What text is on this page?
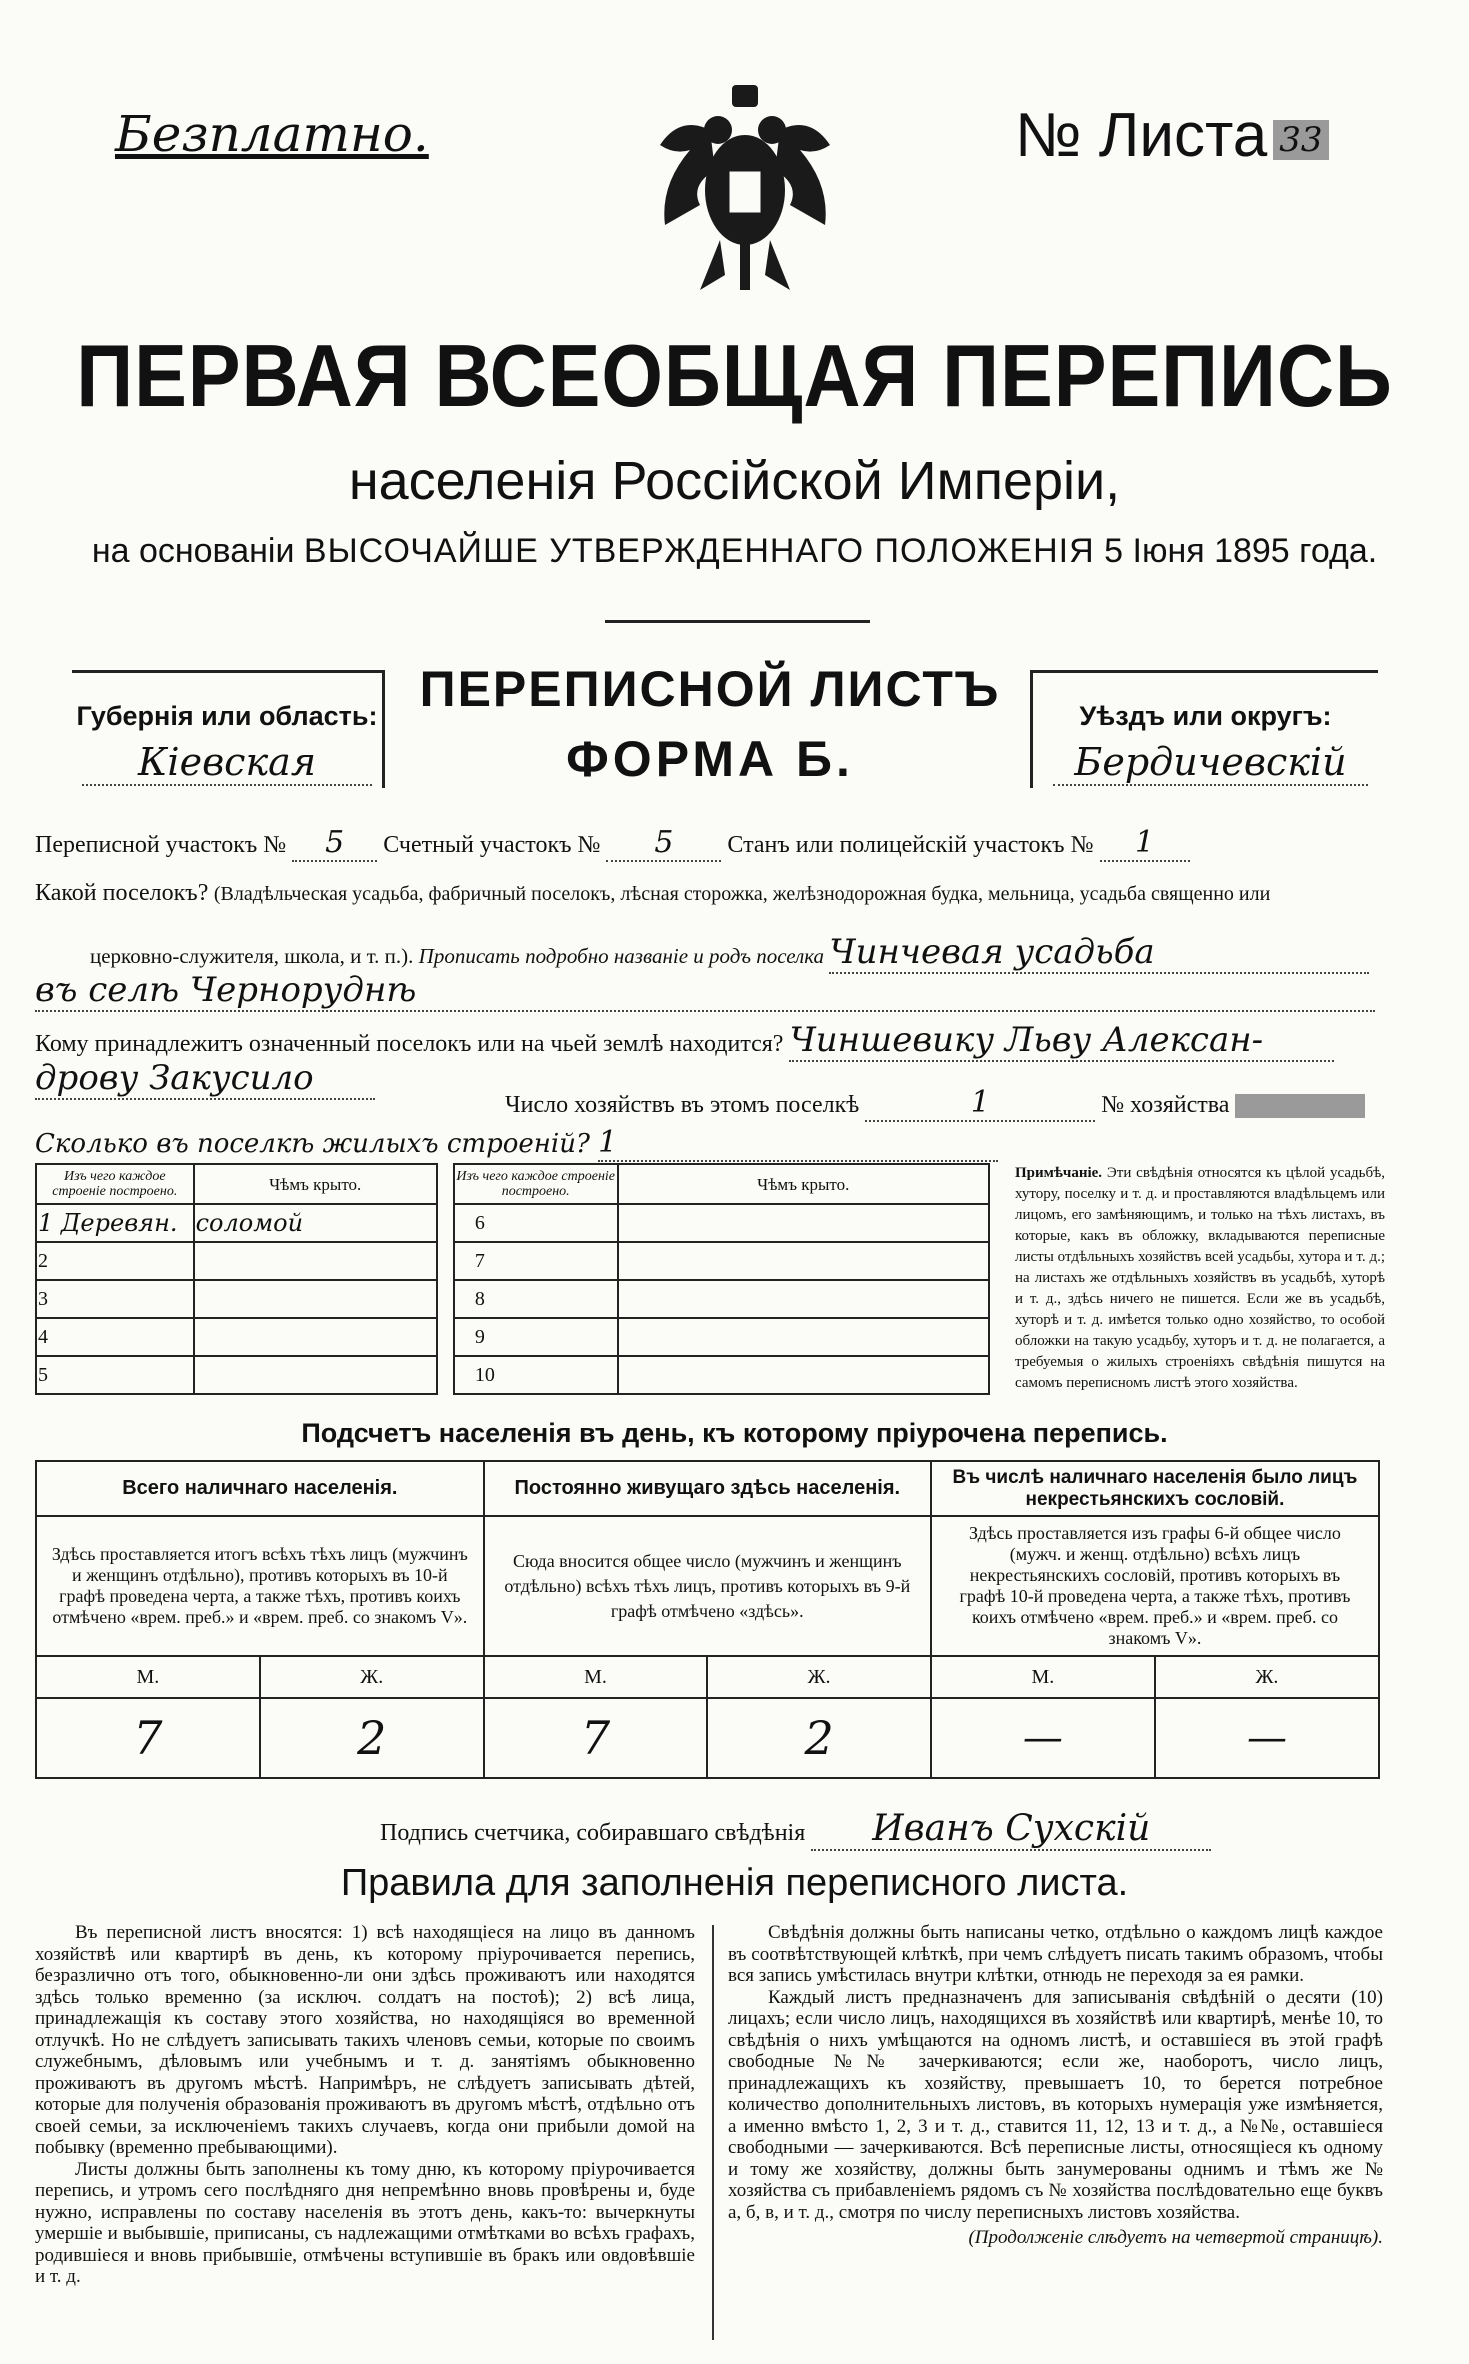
Безплатно.	№ Листа 33
ПЕРВАЯ ВСЕОБЩАЯ ПЕРЕПИСЬ
населенія Россійской Имперіи,
на основаніи ВЫСОЧАЙШЕ УТВЕРЖДЕННАГО ПОЛОЖЕНІЯ 5 Іюня 1895 года.
Губернія или область:
Кіевская
ПЕРЕПИСНОЙ ЛИСТЪ
ФОРМА Б.
Уѣздъ или округъ:
Бердичевскій
Переписной участокъ № 5 Счетный участокъ № 5 Станъ или полицейскій участокъ № 1
Какой поселокъ? (Владѣльческая усадьба, фабричный поселокъ, лѣсная сторожка, желѣзнодорожная будка, мельница, усадьба священно или
церковно-служителя, школа, и т. п.). Прописать подробно названіе и родъ поселка Чинчевая усадьба
въ селѣ Черноруднѣ
Кому принадлежитъ означенный поселокъ или на чьей землѣ находится? Чиншевику Льву Алексан-
дрову Закусило
Число хозяйствъ въ этомъ поселкѣ	1	№ хозяйства
Сколько въ поселкѣ жилыхъ строеній? 1
Изъ чего каждое строеніе построено.	Чѣмъ крыто.		Изъ чего каждое строеніе построено.	Чѣмъ крыто.
1 Деревян.	соломой		6	
2			7	
3			8	
4			9	
5			10	
Примѣчаніе. Эти свѣдѣнія относятся къ цѣлой усадьбѣ, хутору, поселку и т. д. и проставляются владѣльцемъ или лицомъ, его замѣняющимъ, и только на тѣхъ листахъ, въ которые, какъ въ обложку, вкладываются переписные листы отдѣльныхъ хозяйствъ всей усадьбы, хутора и т. д.; на листахъ же отдѣльныхъ хозяйствъ въ усадьбѣ, хуторѣ и т. д., здѣсь ничего не пишется. Если же въ усадьбѣ, хуторѣ и т. д. имѣется только одно хозяйство, то особой обложки на такую усадьбу, хуторъ и т. д. не полагается, а требуемыя о жилыхъ строеніяхъ свѣдѣнія пишутся на самомъ переписномъ листѣ этого хозяйства.
Подсчетъ населенія въ день, къ которому пріурочена перепись.
Всего наличнаго населенія.		Постоянно живущаго здѣсь населенія.		Въ числѣ наличнаго населенія было лицъ некрестьянскихъ сословій.	
Здѣсь проставляется итогъ всѣхъ тѣхъ лицъ (мужчинъ и женщинъ отдѣльно), противъ которыхъ въ 10-й графѣ проведена черта, а также тѣхъ, противъ коихъ отмѣчено «врем. преб.» и «врем. преб. со знакомъ V».		Сюда вносится общее число (мужчинъ и женщинъ отдѣльно) всѣхъ тѣхъ лицъ, противъ которыхъ въ 9-й графѣ отмѣчено «здѣсь».		Здѣсь проставляется изъ графы 6-й общее число (мужч. и женщ. отдѣльно) всѣхъ лицъ некрестьянскихъ сословій, противъ которыхъ въ графѣ 10-й проведена черта, а также тѣхъ, противъ коихъ отмѣчено «врем. преб.» и «врем. преб. со знакомъ V».	
М.	Ж.	М.	Ж.	М.	Ж.
7	2	7	2	—	—
Подпись счетчика, собиравшаго свѣдѣнія Иванъ Сухскій
Правила для заполненія переписного листа.

Въ переписной листъ вносятся: 1) всѣ находящіеся на лицо въ данномъ хозяйствѣ или квартирѣ въ день, къ которому пріурочивается перепись, безразлично отъ того, обыкновенно-ли они здѣсь проживаютъ или находятся здѣсь только временно (за исключ. солдатъ на постоѣ); 2) всѣ лица, принадлежащія къ составу этого хозяйства, но находящіяся во временной отлучкѣ. Но не слѣдуетъ записывать такихъ членовъ семьи, которые по своимъ служебнымъ, дѣловымъ или учебнымъ и т. д. занятіямъ обыкновенно проживаютъ въ другомъ мѣстѣ. Напримѣръ, не слѣдуетъ записывать дѣтей, которые для полученія образованія проживаютъ въ другомъ мѣстѣ, отдѣльно отъ своей семьи, за исключеніемъ такихъ случаевъ, когда они прибыли домой на побывку (временно пребывающими).

Листы должны быть заполнены къ тому дню, къ которому пріурочивается перепись, и утромъ сего послѣдняго дня непремѣнно вновь провѣрены и, буде нужно, исправлены по составу населенія въ этотъ день, какъ-то: вычеркнуты умершіе и выбывшіе, приписаны, съ надлежащими отмѣтками во всѣхъ графахъ, родившіеся и вновь прибывшіе, отмѣчены вступившіе въ бракъ или овдовѣвшіе и т. д.

Свѣдѣнія должны быть написаны четко, отдѣльно о каждомъ лицѣ каждое въ соотвѣтствующей клѣткѣ, при чемъ слѣдуетъ писать такимъ образомъ, чтобы вся запись умѣстилась внутри клѣтки, отнюдь не переходя за ея рамки.

Каждый листъ предназначенъ для записыванія свѣдѣній о десяти (10) лицахъ; если число лицъ, находящихся въ хозяйствѣ или квартирѣ, менѣе 10, то свѣдѣнія о нихъ умѣщаются на одномъ листѣ, и оставшіеся въ этой графѣ свободные №№ зачеркиваются; если же, наоборотъ, число лицъ, принадлежащихъ къ хозяйству, превышаетъ 10, то берется потребное количество дополнительныхъ листовъ, въ которыхъ нумерація уже измѣняется, а именно вмѣсто 1, 2, 3 и т. д., ставится 11, 12, 13 и т. д., а №№, оставшіеся свободными — зачеркиваются. Всѣ переписные листы, относящіеся къ одному и тому же хозяйству, должны быть занумерованы однимъ и тѣмъ же № хозяйства съ прибавленіемъ рядомъ съ № хозяйства послѣдовательно еще буквъ а, б, в, и т. д., смотря по числу переписныхъ листовъ хозяйства.

(Продолженіе слѣдуетъ на четвертой страницѣ).
